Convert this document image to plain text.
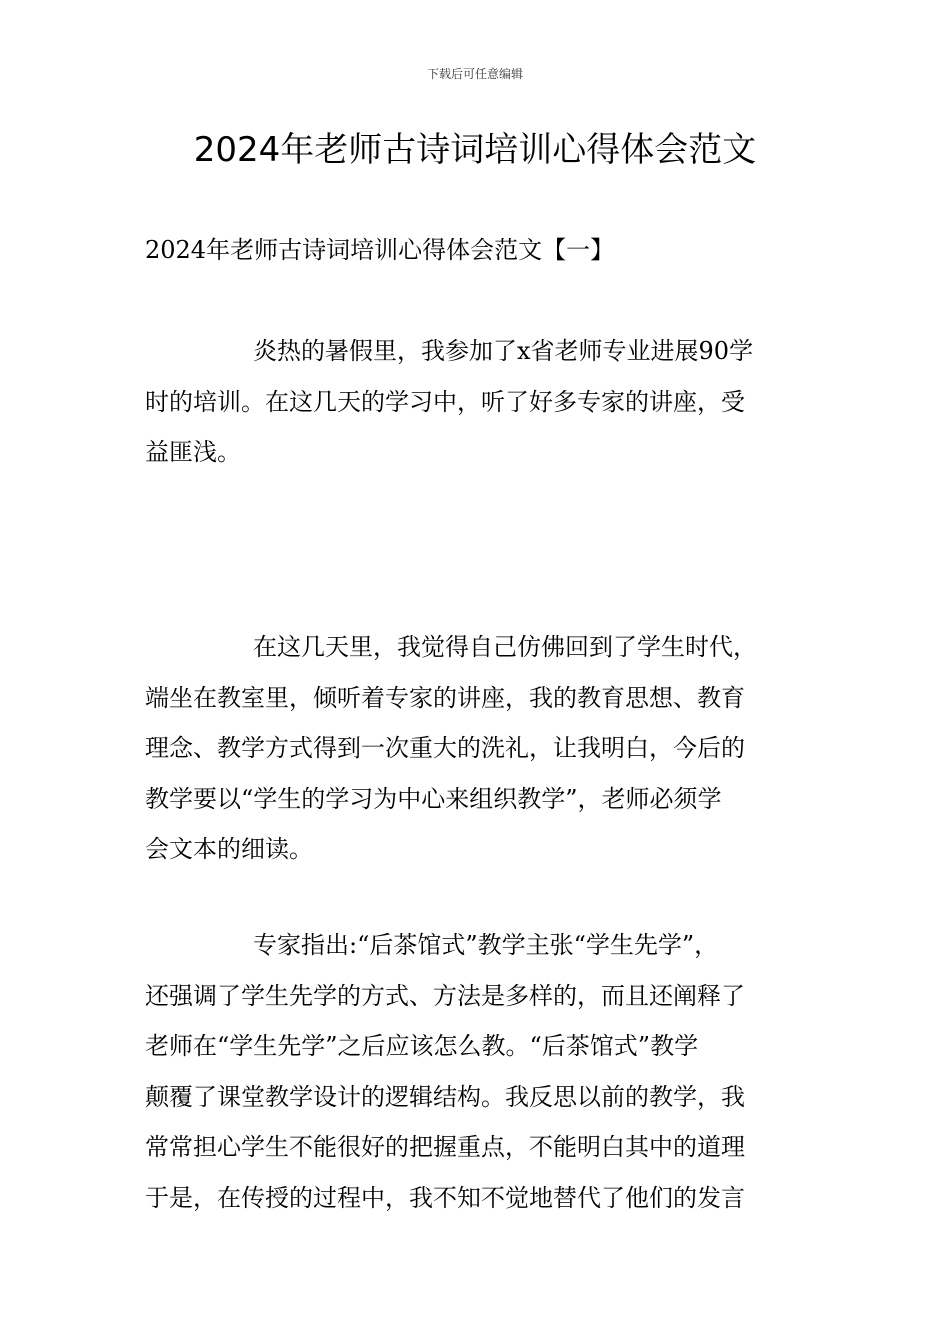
下载后可任意编辑
2024年老师古诗词培训心得体会范文
2024年老师古诗词培训心得体会范文【一】
炎热的暑假里，我参加了x省老师专业进展90学
时的培训。在这几天的学习中，听了好多专家的讲座，受
益匪浅。
在这几天里，我觉得自己仿佛回到了学生时代，
端坐在教室里，倾听着专家的讲座，我的教育思想、教育
理念、教学方式得到一次重大的洗礼，让我明白，今后的
教学要以“学生的学习为中心来组织教学”，老师必须学
会文本的细读。
专家指出:“后茶馆式”教学主张“学生先学”，
还强调了学生先学的方式、方法是多样的，而且还阐释了
老师在“学生先学”之后应该怎么教。“后茶馆式”教学
颠覆了课堂教学设计的逻辑结构。我反思以前的教学，我
常常担心学生不能很好的把握重点，不能明白其中的道理
于是，在传授的过程中，我不知不觉地替代了他们的发言
